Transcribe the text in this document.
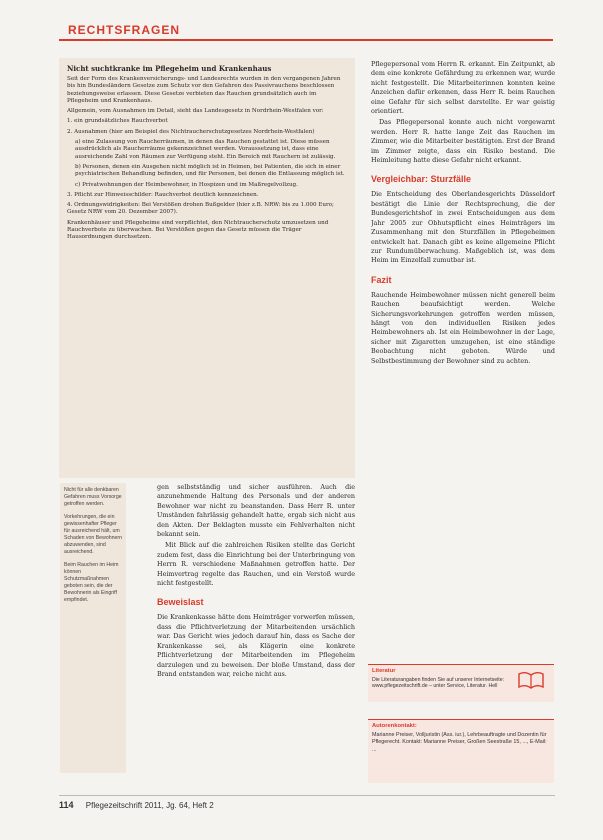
RECHTSFRAGEN
Nicht suchtkranke im Pflegeheim und Krankenhaus

Seit der Form des Krankenversicherungs- und Landesrechts wurden in den vergangenen Jahren bis hin Bundesländern Gesetze zum Schutz vor den Gefahren des Passivrauchens beschlossen beziehungsweise erlassen. Diese Gesetze verbieten das Rauchen grundsätzlich auch im Pflegeheim und Krankenhaus.

Allgemein, vom Ausnahmen im Detail, sieht das Landesgesetz in Nordrhein-Westfalen vor:

1. ein grundsätzliches Rauchverbot

2. Ausnahmen (hier am Beispiel des Nichtraucherschutzgesetzes Nordrhein-Westfalen)

a) eine Zulassung von Raucherräumen, in denen das Rauchen gestattet ist. Diese müssen ausdrücklich als Raucherräume gekennzeichnet werden. Voraussetzung ist, dass eine ausreichende Zahl von Räumen zur Verfügung steht. Ein Bereich mit Rauchern ist zulässig.

b) Personen, denen ein Ausgehen nicht möglich ist in Heimen, bei Patienten, die sich in einer psychiatrischen Behandlung befinden, und für Personen, bei denen die Entlassung möglich ist.

c) Privatwohnungen der Heimbewohner, in Hospizen und im Maßregelvollzug.

3. Pflicht zur Hinweisschilder: Rauchverbot deutlich kennzeichnen.

4. Ordnungswidrigkeiten: Bei Verstößen drohen Bußgelder (hier z.B. NRW: bis zu 1.000 Euro; Gesetz NRW vom 20. Dezember 2007).

Krankenhäuser und Pflegeheime sind verpflichtet, den Nichtraucherschutz umzusetzen und Rauchverbote zu überwachen. Bei Verstößen gegen das Gesetz müssen die Träger Hausordnungen durchsetzen.

Nicht für alle denkbaren Gefahren muss Vorsorge getroffen werden.

Vorkehrungen, die ein gewissenhafter Pfleger für ausreichend hält, um Schaden von Bewohnern abzuwenden, sind ausreichend.

Beim Rauchen im Heim können Schutzmaßnahmen geboten sein, die der Bewohnerin als Eingriff empfindet.

gen selbstständig und sicher ausführen. Auch die anzunehmende Haltung des Personals und der anderen Bewohner war nicht zu beanstanden. Dass Herr R. unter Umständen fahrlässig gehandelt hatte, ergab sich nicht aus den Akten. Der Beklagten musste ein Fehlverhalten nicht bekannt sein.

Mit Blick auf die zahlreichen Risiken stellte das Gericht zudem fest, dass die Einrichtung bei der Unterbringung von Herrn R. verschiedene Maßnahmen getroffen hatte. Der Heimvertrag regelte das Rauchen, und ein Verstoß wurde nicht festgestellt.

Beweislast

Die Krankenkasse hätte dem Heimträger vorwerfen müssen, dass die Pflichtverletzung der Mitarbeitenden ursächlich war. Das Gericht wies jedoch darauf hin, dass es Sache der Krankenkasse sei, als Klägerin eine konkrete Pflichtverletzung der Mitarbeitenden im Pflegeheim darzulegen und zu beweisen. Der bloße Umstand, dass der Brand entstanden war, reiche nicht aus.

Pflegepersonal vom Herrn R. erkannt. Ein Zeitpunkt, ab dem eine konkrete Gefährdung zu erkennen war, wurde nicht festgestellt. Die Mitarbeiterinnen konnten keine Anzeichen dafür erkennen, dass Herr R. beim Rauchen eine Gefahr für sich selbst darstellte. Er war geistig orientiert.

Das Pflegepersonal konnte auch nicht vorgewarnt werden. Herr R. hatte lange Zeit das Rauchen im Zimmer, wie die Mitarbeiter bestätigten. Erst der Brand im Zimmer zeigte, dass ein Risiko bestand. Die Heimleitung hatte diese Gefahr nicht erkannt.

Vergleichbar: Sturzfälle

Die Entscheidung des Oberlandesgerichts Düsseldorf bestätigt die Linie der Rechtsprechung, die der Bundesgerichtshof in zwei Entscheidungen aus dem Jahr 2005 zur Obhutspflicht eines Heimträgers im Zusammenhang mit den Sturzfällen in Pflegeheimen entwickelt hat. Danach gibt es keine allgemeine Pflicht zur Rundumüberwachung. Maßgeblich ist, was dem Heim im Einzelfall zumutbar ist.

Fazit

Rauchende Heimbewohner müssen nicht generell beim Rauchen beaufsichtigt werden. Welche Sicherungsvorkehrungen getroffen werden müssen, hängt von den individuellen Risiken jedes Heimbewohners ab. Ist ein Heimbewohner in der Lage, sicher mit Zigaretten umzugehen, ist eine ständige Beobachtung nicht geboten. Würde und Selbstbestimmung der Bewohner sind zu achten.

Literatur
Die Literaturangaben finden Sie auf unserer Internetseite: www.pflegezeitschrift.de – unter Service, Literatur. Hell
Autorenkontakt:
Marianne Preiser, Volljuristin (Ass. iur.), Lehrbeauftragte und Dozentin für Pflegerecht. Kontakt: Marianne Preiser, Großen Seestraße 15, ..., E-Mail: ...
114 Pflegezeitschrift 2011, Jg. 64, Heft 2
